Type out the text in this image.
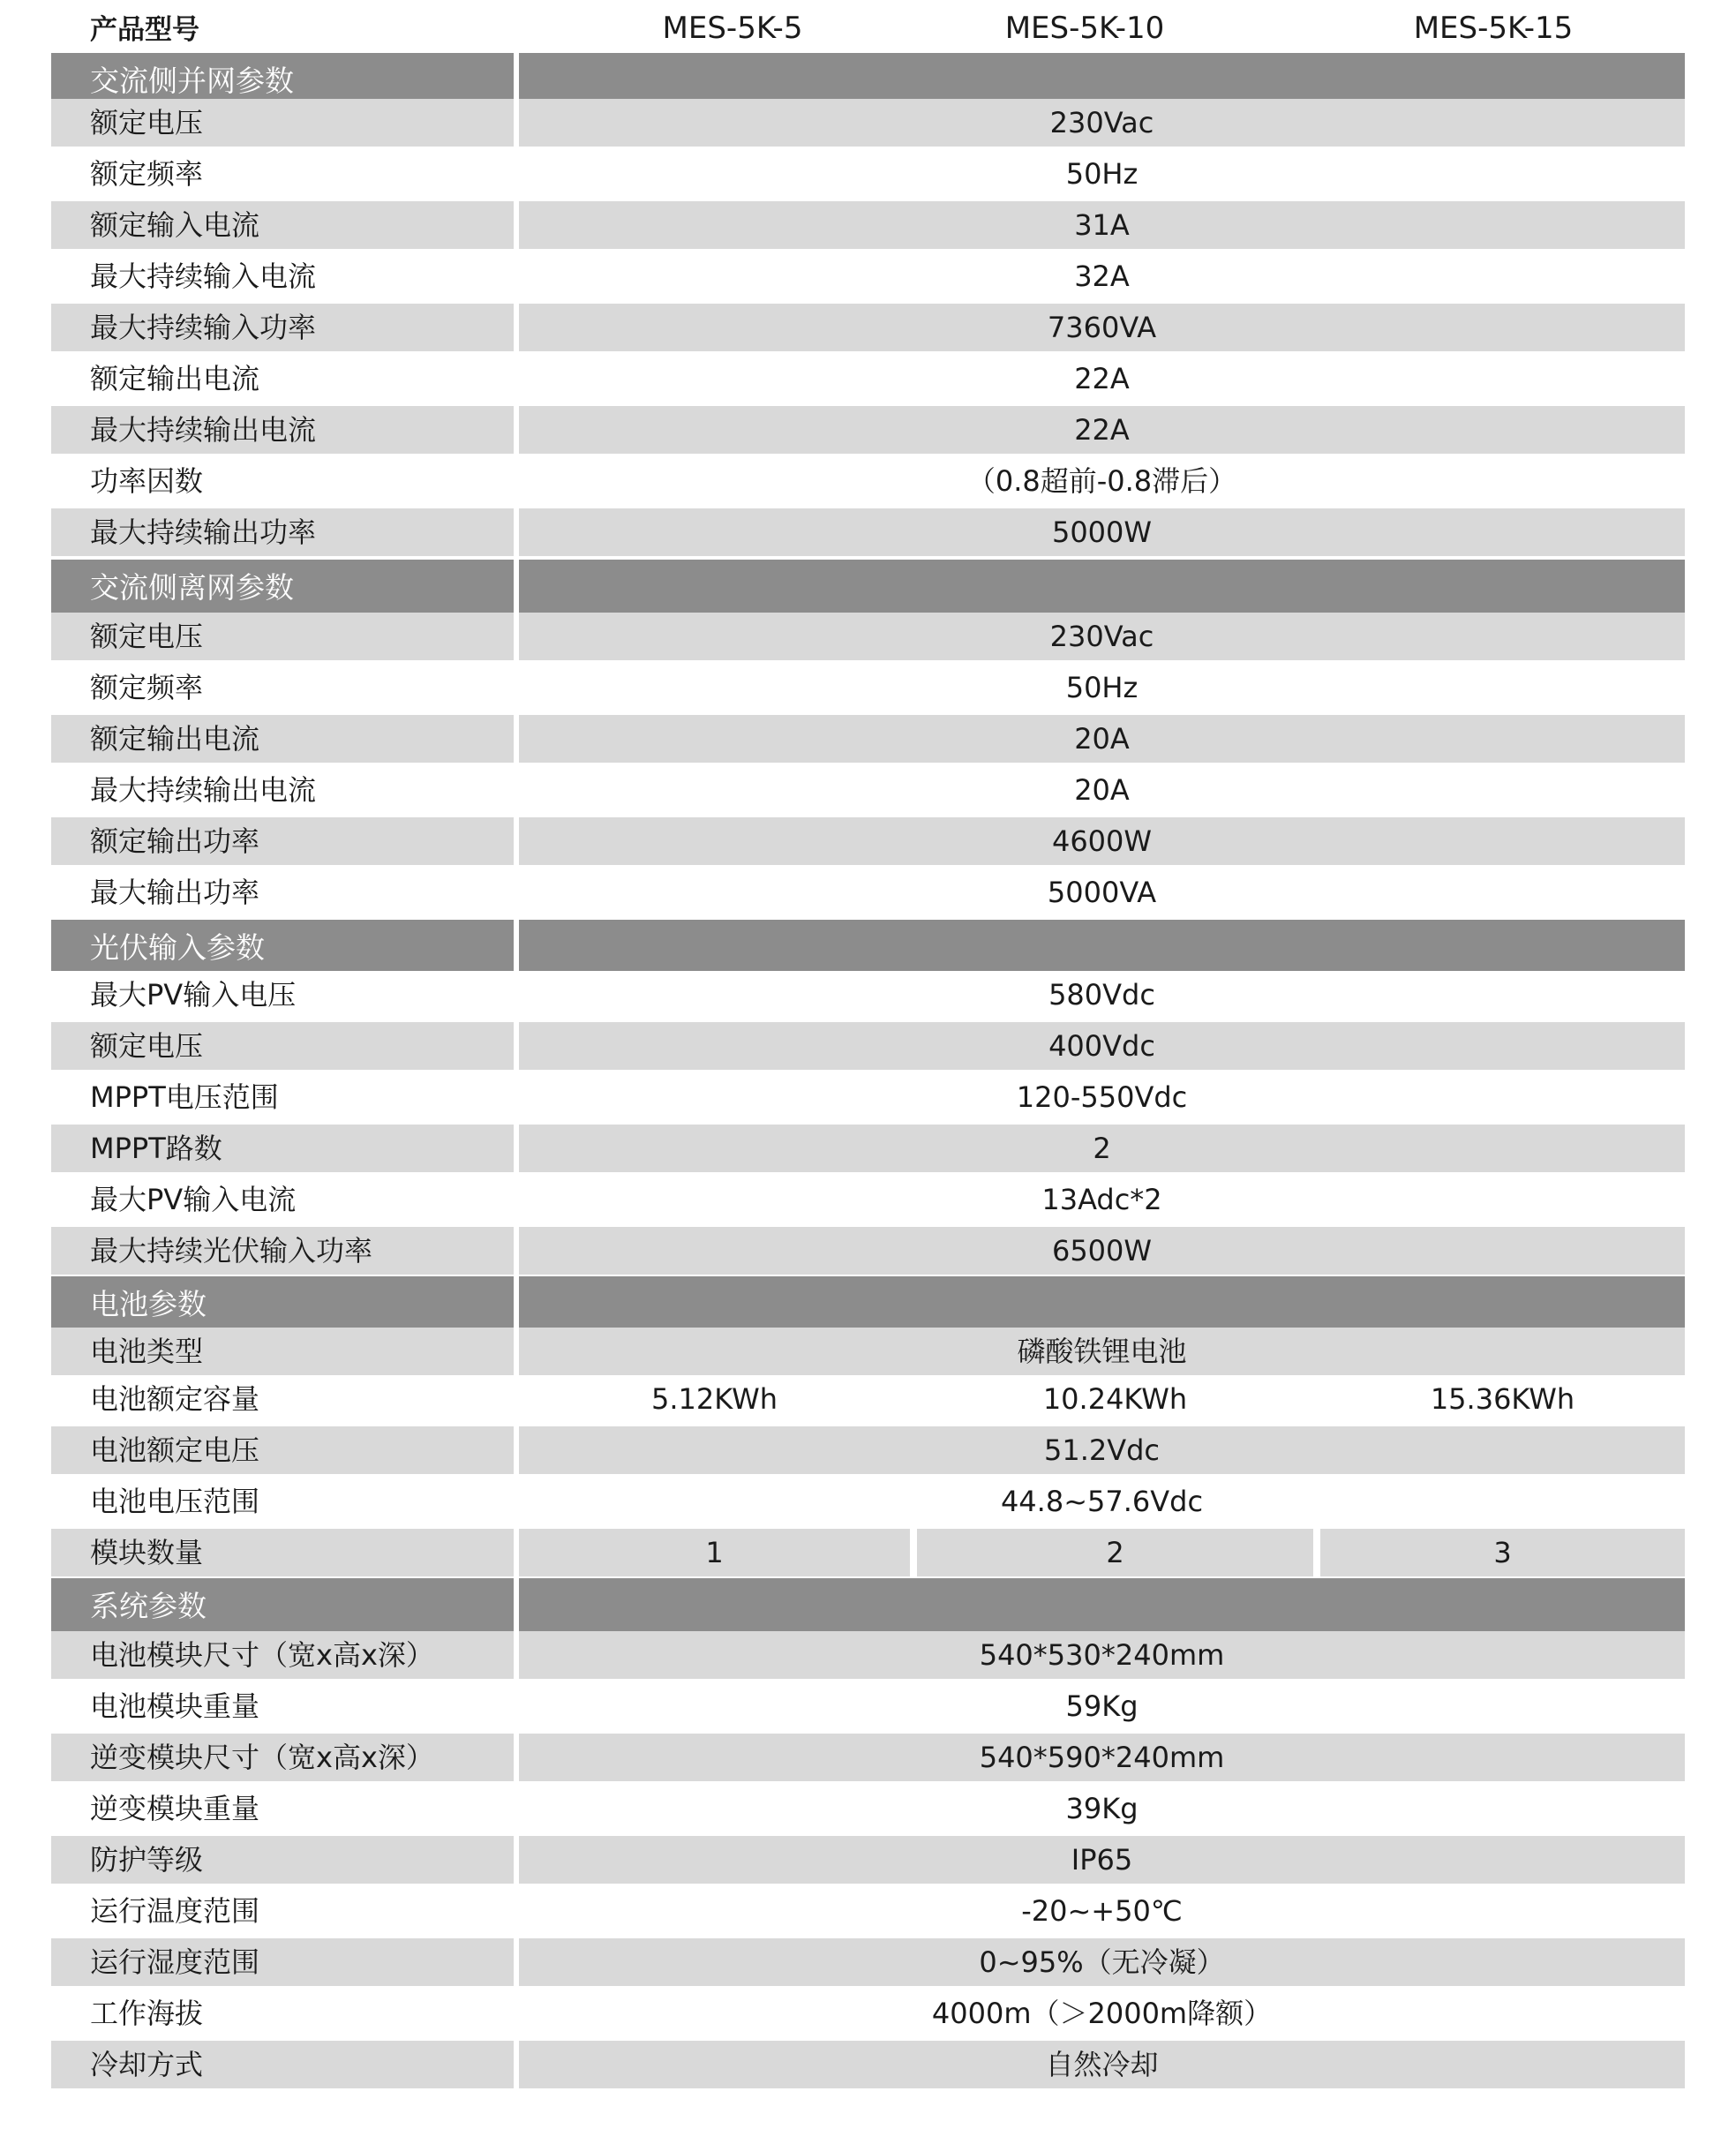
产品型号	MES-5K-5	MES-5K-10	MES-5K-15
交流侧并网参数
额定电压	230Vac
额定频率	50Hz
额定输入电流	31A
最大持续输入电流	32A
最大持续输入功率	7360VA
额定输出电流	22A
最大持续输出电流	22A
功率因数	（0.8超前-0.8滞后）
最大持续输出功率	5000W
交流侧离网参数
额定电压	230Vac
额定频率	50Hz
额定输出电流	20A
最大持续输出电流	20A
额定输出功率	4600W
最大输出功率	5000VA
光伏输入参数
最大PV输入电压	580Vdc
额定电压	400Vdc
MPPT电压范围	120-550Vdc
MPPT路数	2
最大PV输入电流	13Adc*2
最大持续光伏输入功率	6500W
电池参数
电池类型	磷酸铁锂电池
电池额定容量	5.12KWh	10.24KWh	15.36KWh
电池额定电压	51.2Vdc
电池电压范围	44.8~57.6Vdc
模块数量	1	2	3
系统参数
电池模块尺寸（宽x高x深）	540*530*240mm
电池模块重量	59Kg
逆变模块尺寸（宽x高x深）	540*590*240mm
逆变模块重量	39Kg
防护等级	IP65
运行温度范围	-20~+50℃
运行湿度范围	0~95%（无冷凝）
工作海拔	4000m（＞2000m降额）
冷却方式	自然冷却
